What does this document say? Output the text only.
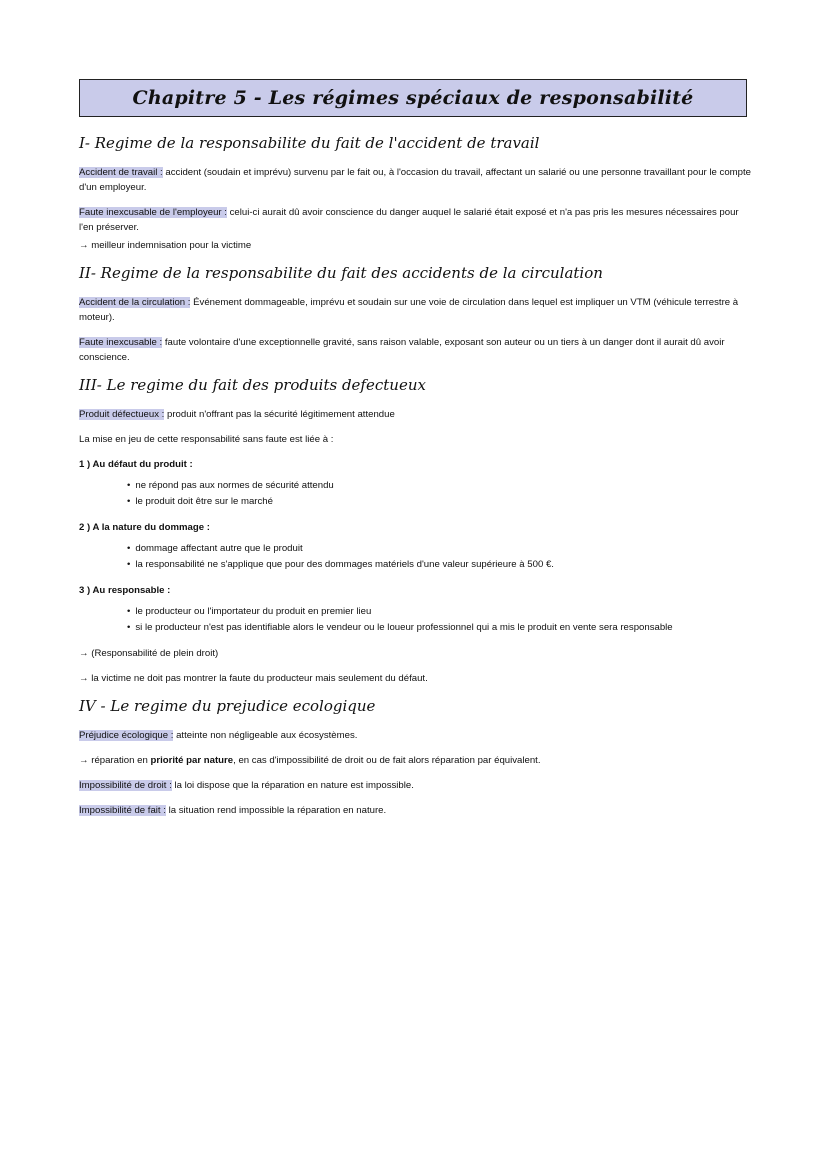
Chapitre 5 - Les régimes spéciaux de responsabilité
I- Regime de la responsabilite du fait de l'accident de travail

Accident de travail : accident (soudain et imprévu) survenu par le fait ou, à l'occasion du travail, affectant un salarié ou une personne travaillant pour le compte d'un employeur.

Faute inexcusable de l'employeur : celui-ci aurait dû avoir conscience du danger auquel le salarié était exposé et n'a pas pris les mesures nécessaires pour l'en préserver.

→ meilleur indemnisation pour la victime

II- Regime de la responsabilite du fait des accidents de la circulation

Accident de la circulation : Événement dommageable, imprévu et soudain sur une voie de circulation dans lequel est impliquer un VTM (véhicule terrestre à moteur).

Faute inexcusable : faute volontaire d'une exceptionnelle gravité, sans raison valable, exposant son auteur ou un tiers à un danger dont il aurait dû avoir conscience.

III- Le regime du fait des produits defectueux

Produit défectueux : produit n'offrant pas la sécurité légitimement attendue

La mise en jeu de cette responsabilité sans faute est liée à :

1 ) Au défaut du produit :

• ne répond pas aux normes de sécurité attendu
• le produit doit être sur le marché

2 ) A la nature du dommage :

• dommage affectant autre que le produit
• la responsabilité ne s'applique que pour des dommages matériels d'une valeur supérieure à 500 €.

3 ) Au responsable :

• le producteur ou l'importateur du produit en premier lieu
• si le producteur n'est pas identifiable alors le vendeur ou le loueur professionnel qui a mis le produit en vente sera responsable

→ (Responsabilité de plein droit)

→ la victime ne doit pas montrer la faute du producteur mais seulement du défaut.

IV - Le regime du prejudice ecologique

Préjudice écologique : atteinte non négligeable aux écosystèmes.

→ réparation en priorité par nature, en cas d'impossibilité de droit ou de fait alors réparation par équivalent.

Impossibilité de droit : la loi dispose que la réparation en nature est impossible.

Impossibilité de fait : la situation rend impossible la réparation en nature.
